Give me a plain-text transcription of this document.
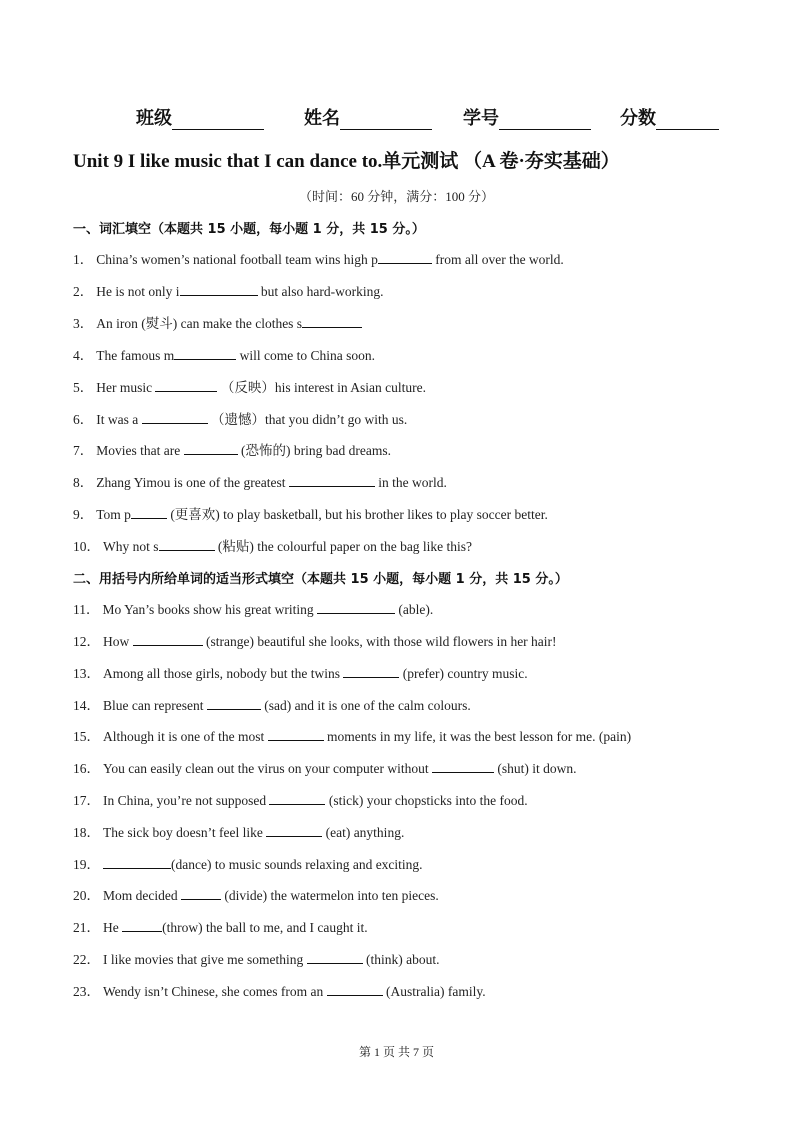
班级	姓名	学号	分数
Unit 9 I like music that I can dance to.单元测试 （A 卷·夯实基础）
（时间：60 分钟，满分：100 分）
一、词汇填空（本题共 15 小题，每小题 1 分，共 15 分。）
二、用括号内所给单词的适当形式填空（本题共 15 小题，每小题 1 分，共 15 分。）
1． China’s women’s national football team wins high p	from all over the world.
2． He is not only i	but also hard-working.
3． An iron (熨斗) can make the clothes s
4． The famous m	will come to China soon.
5． Her music	（反映）his interest in Asian culture.
6． It was a	（遗憾）that you didn’t go with us.
7． Movies that are	(恐怖的) bring bad dreams.
8． Zhang Yimou is one of the greatest	in the world.
9． Tom p	(更喜欢) to play basketball, but his brother likes to play soccer better.
10． Why not s	(粘贴) the colourful paper on the bag like this?
11． Mo Yan’s books show his great writing	(able).
12． How	(strange) beautiful she looks, with those wild flowers in her hair!
13． Among all those girls, nobody but the twins	(prefer) country music.
14． Blue can represent	(sad) and it is one of the calm colours.
15． Although it is one of the most	moments in my life, it was the best lesson for me. (pain)
16． You can easily clean out the virus on your computer without	(shut) it down.
17． In China, you’re not supposed	(stick) your chopsticks into the food.
18． The sick boy doesn’t feel like	(eat) anything.
19．	(dance) to music sounds relaxing and exciting.
20． Mom decided	(divide) the watermelon into ten pieces.
21． He	(throw) the ball to me, and I caught it.
22． I like movies that give me something	(think) about.
23． Wendy isn’t Chinese, she comes from an	(Australia) family.
第 1 页 共 7 页
